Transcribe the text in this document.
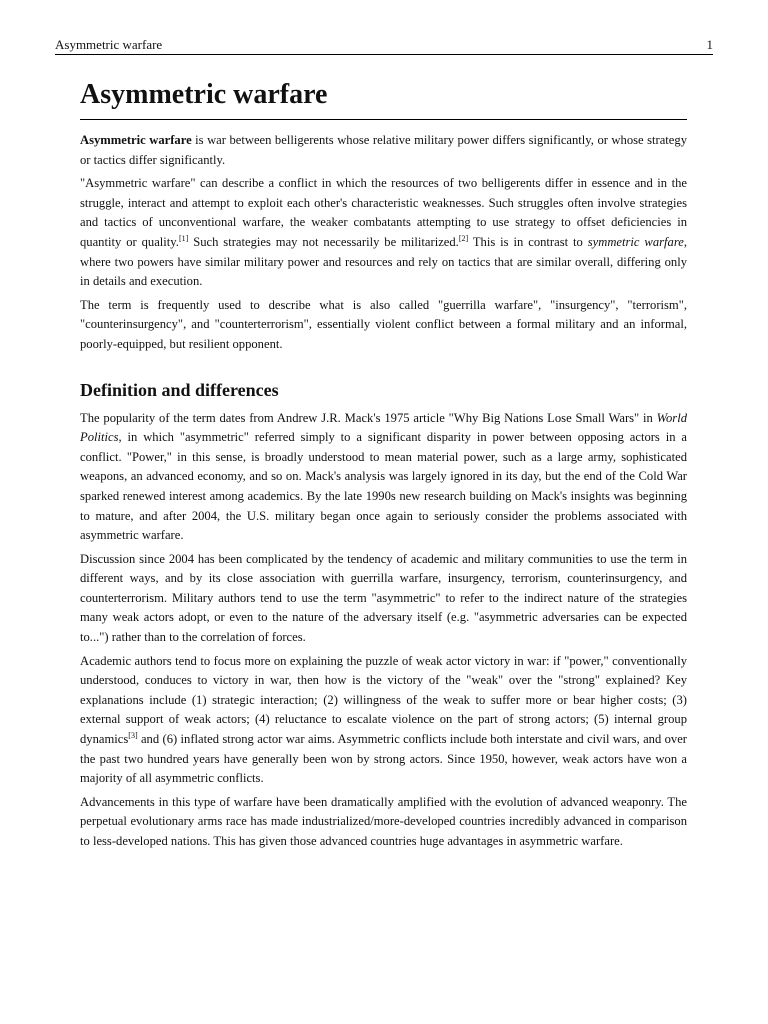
Asymmetric warfare	1
Asymmetric warfare

Asymmetric warfare is war between belligerents whose relative military power differs significantly, or whose strategy or tactics differ significantly.

"Asymmetric warfare" can describe a conflict in which the resources of two belligerents differ in essence and in the struggle, interact and attempt to exploit each other's characteristic weaknesses. Such struggles often involve strategies and tactics of unconventional warfare, the weaker combatants attempting to use strategy to offset deficiencies in quantity or quality.[1] Such strategies may not necessarily be militarized.[2] This is in contrast to symmetric warfare, where two powers have similar military power and resources and rely on tactics that are similar overall, differing only in details and execution.

The term is frequently used to describe what is also called "guerrilla warfare", "insurgency", "terrorism", "counterinsurgency", and "counterterrorism", essentially violent conflict between a formal military and an informal, poorly-equipped, but resilient opponent.

Definition and differences

The popularity of the term dates from Andrew J.R. Mack's 1975 article "Why Big Nations Lose Small Wars" in World Politics, in which "asymmetric" referred simply to a significant disparity in power between opposing actors in a conflict. "Power," in this sense, is broadly understood to mean material power, such as a large army, sophisticated weapons, an advanced economy, and so on. Mack's analysis was largely ignored in its day, but the end of the Cold War sparked renewed interest among academics. By the late 1990s new research building on Mack's insights was beginning to mature, and after 2004, the U.S. military began once again to seriously consider the problems associated with asymmetric warfare.

Discussion since 2004 has been complicated by the tendency of academic and military communities to use the term in different ways, and by its close association with guerrilla warfare, insurgency, terrorism, counterinsurgency, and counterterrorism. Military authors tend to use the term "asymmetric" to refer to the indirect nature of the strategies many weak actors adopt, or even to the nature of the adversary itself (e.g. "asymmetric adversaries can be expected to...") rather than to the correlation of forces.

Academic authors tend to focus more on explaining the puzzle of weak actor victory in war: if "power," conventionally understood, conduces to victory in war, then how is the victory of the "weak" over the "strong" explained? Key explanations include (1) strategic interaction; (2) willingness of the weak to suffer more or bear higher costs; (3) external support of weak actors; (4) reluctance to escalate violence on the part of strong actors; (5) internal group dynamics[3] and (6) inflated strong actor war aims. Asymmetric conflicts include both interstate and civil wars, and over the past two hundred years have generally been won by strong actors. Since 1950, however, weak actors have won a majority of all asymmetric conflicts.

Advancements in this type of warfare have been dramatically amplified with the evolution of advanced weaponry. The perpetual evolutionary arms race has made industrialized/more-developed countries incredibly advanced in comparison to less-developed nations. This has given those advanced countries huge advantages in asymmetric warfare.
